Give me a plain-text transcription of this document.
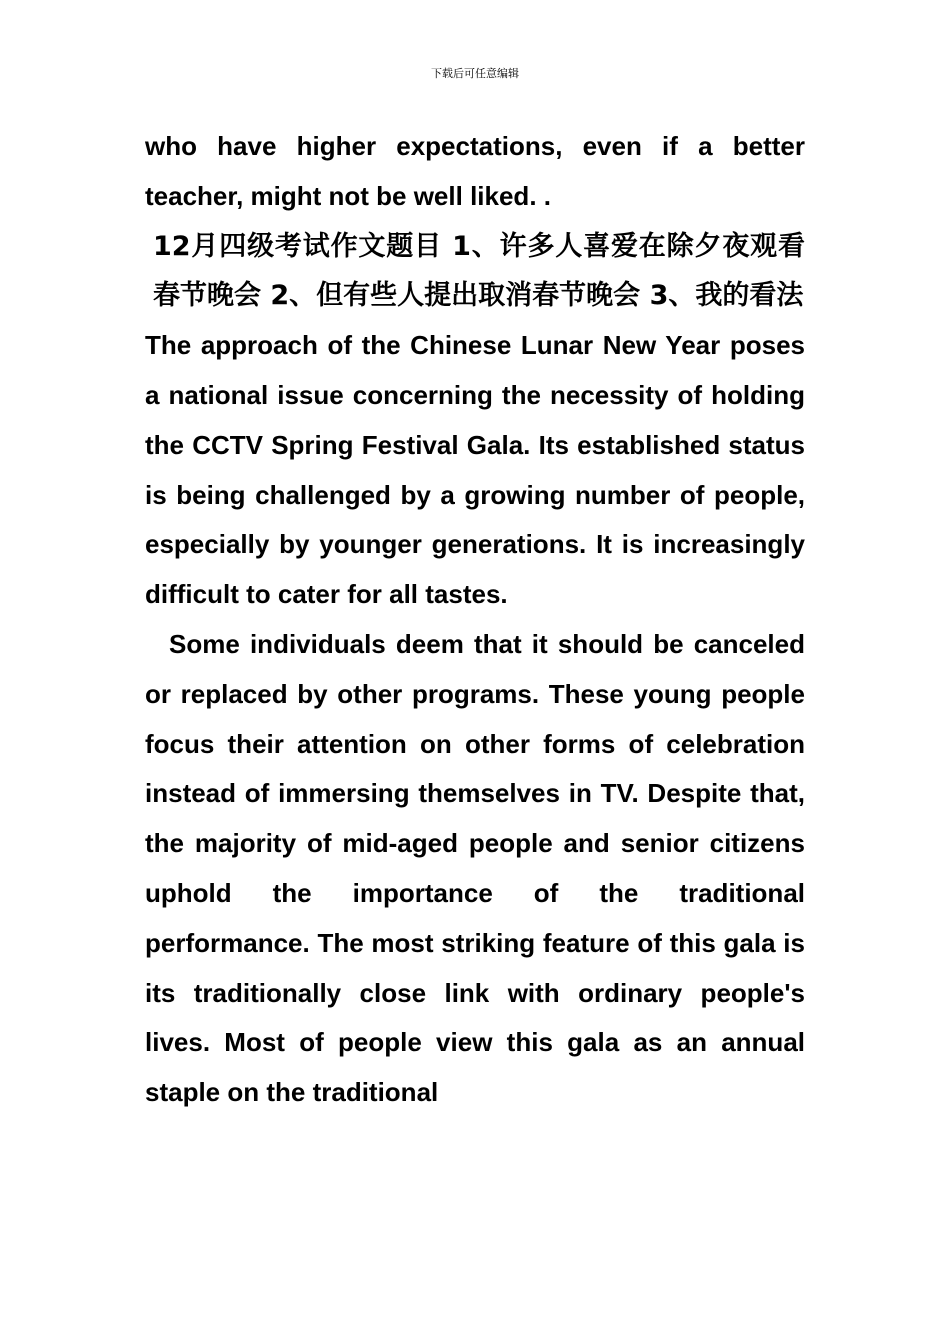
下载后可任意编辑

who have higher expectations, even if a better teacher, might not be well liked. .

12月四级考试作文题目 1、许多人喜爱在除夕夜观看春节晚会 2、但有些人提出取消春节晚会 3、我的看法

The approach of the Chinese Lunar New Year poses a national issue concerning the necessity of holding the CCTV Spring Festival Gala. Its established status is being challenged by a growing number of people, especially by younger generations. It is increasingly difficult to cater for all tastes.

Some individuals deem that it should be canceled or replaced by other programs. These young people focus their attention on other forms of celebration instead of immersing themselves in TV. Despite that, the majority of mid-aged people and senior citizens uphold the importance of the traditional performance. The most striking feature of this gala is its traditionally close link with ordinary people's lives. Most of people view this gala as an annual staple on the traditional
